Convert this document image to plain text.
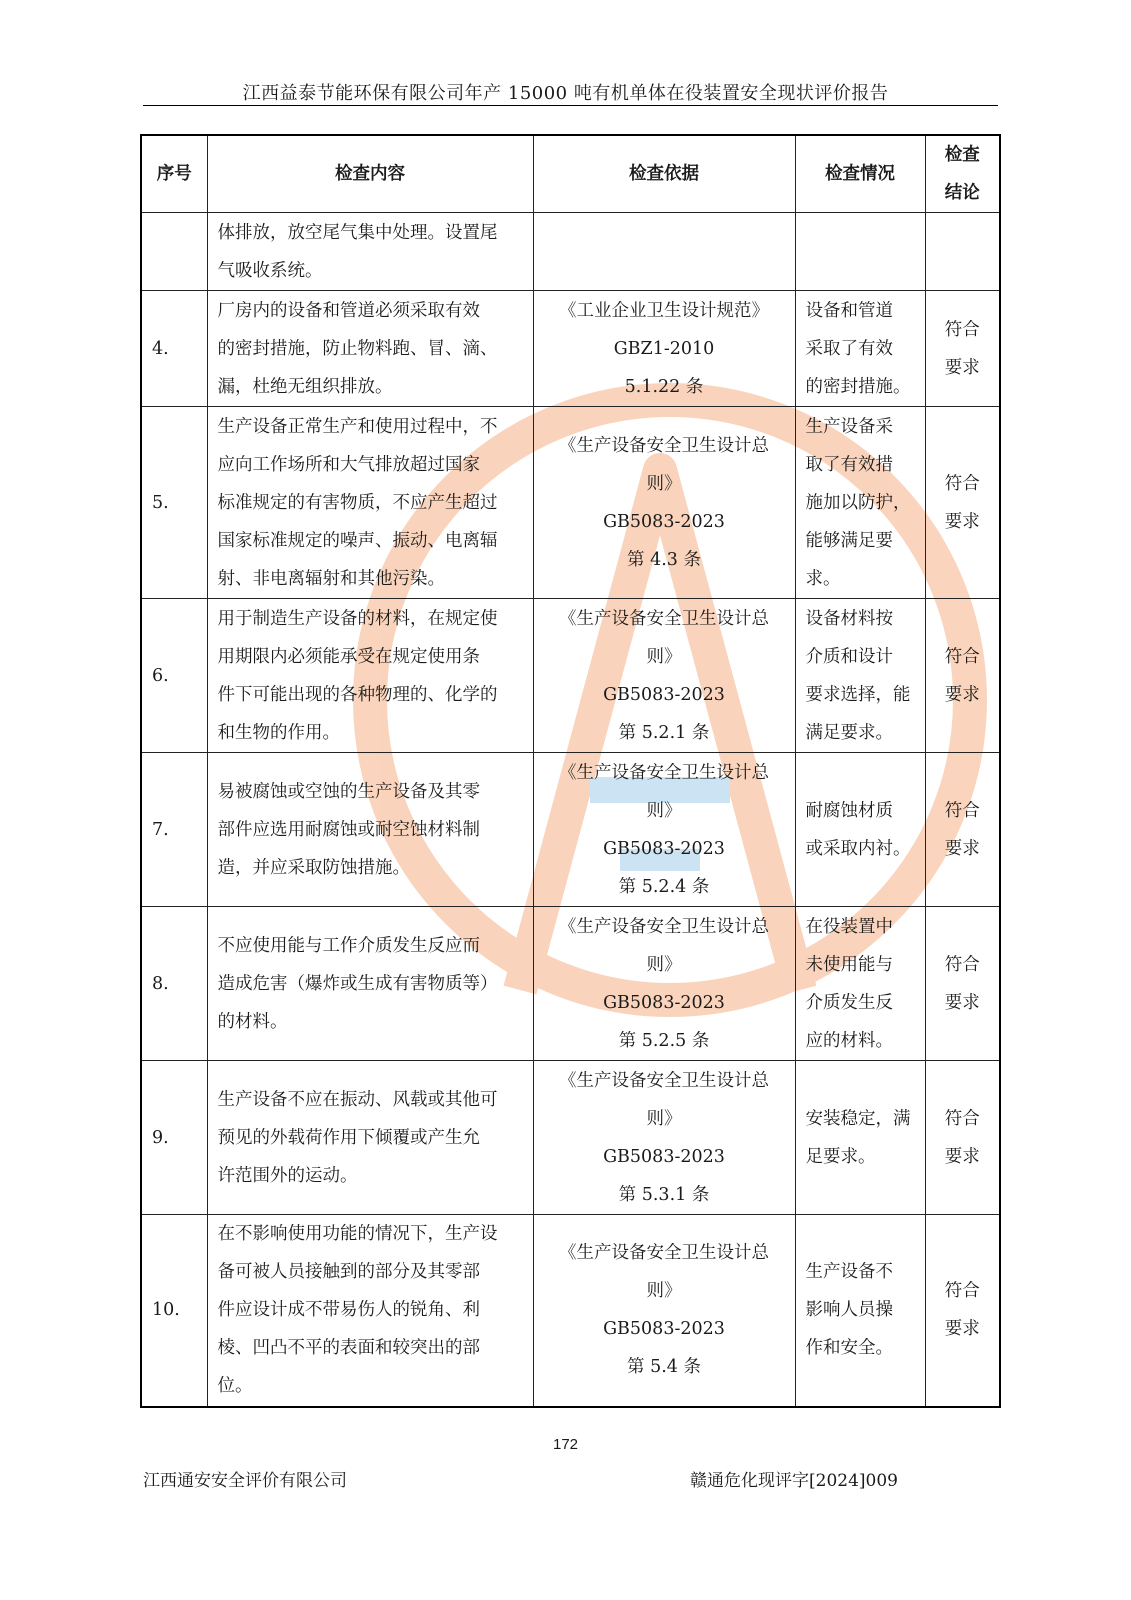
江西益泰节能环保有限公司年产 15000 吨有机单体在役装置安全现状评价报告
序号	检查内容	检查依据	检查情况	检查
结论

	体排放，放空尾气集中处理。设置尾
气吸收系统。			

4.	厂房内的设备和管道必须采取有效
的密封措施，防止物料跑、冒、滴、
漏，杜绝无组织排放。	《工业企业卫生设计规范》
GBZ1-2010
5.1.22 条	设备和管道
采取了有效
的密封措施。	符合
要求

5.	生产设备正常生产和使用过程中，不
应向工作场所和大气排放超过国家
标准规定的有害物质，不应产生超过
国家标准规定的噪声、振动、电离辐
射、非电离辐射和其他污染。	《生产设备安全卫生设计总
则》
GB5083-2023
第 4.3 条	生产设备采
取了有效措
施加以防护，
能够满足要
求。	符合
要求

6.	用于制造生产设备的材料，在规定使
用期限内必须能承受在规定使用条
件下可能出现的各种物理的、化学的
和生物的作用。	《生产设备安全卫生设计总
则》
GB5083-2023
第 5.2.1 条	设备材料按
介质和设计
要求选择，能
满足要求。	符合
要求

7.	易被腐蚀或空蚀的生产设备及其零
部件应选用耐腐蚀或耐空蚀材料制
造，并应采取防蚀措施。	《生产设备安全卫生设计总
则》
GB5083-2023
第 5.2.4 条	耐腐蚀材质
或采取内衬。	符合
要求

8.	不应使用能与工作介质发生反应而
造成危害（爆炸或生成有害物质等）
的材料。	《生产设备安全卫生设计总
则》
GB5083-2023
第 5.2.5 条	在役装置中
未使用能与
介质发生反
应的材料。	符合
要求

9.	生产设备不应在振动、风载或其他可
预见的外载荷作用下倾覆或产生允
许范围外的运动。	《生产设备安全卫生设计总
则》
GB5083-2023
第 5.3.1 条	安装稳定，满
足要求。	符合
要求

10.	在不影响使用功能的情况下，生产设
备可被人员接触到的部分及其零部
件应设计成不带易伤人的锐角、利
棱、凹凸不平的表面和较突出的部
位。	《生产设备安全卫生设计总
则》
GB5083-2023
第 5.4 条	生产设备不
影响人员操
作和安全。	符合
要求
172
江西通安安全评价有限公司	赣通危化现评字[2024]009
